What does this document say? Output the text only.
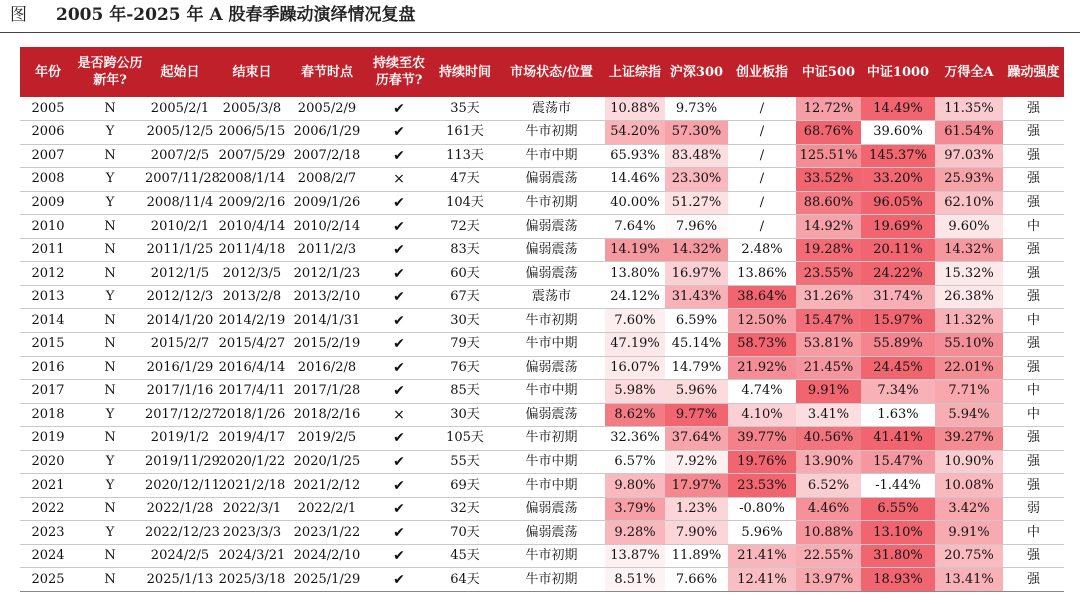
图 2005 年-2025 年 A 股春季躁动演绎情况复盘
年份	是否跨公历新年?	起始日	结束日	春节时点	持续至农历春节?	持续时间	市场状态/位置	上证综指	沪深300	创业板指	中证500	中证1000	万得全A	躁动强度
2005	N	2005/2/1	2005/3/8	2005/2/9	✔	35天	震荡市	10.88%	9.73%	/	12.72%	14.49%	11.35%	强
2006	Y	2005/12/5	2006/5/15	2006/1/29	✔	161天	牛市初期	54.20%	57.30%	/	68.76%	39.60%	61.54%	强
2007	N	2007/2/5	2007/5/29	2007/2/18	✔	113天	牛市中期	65.93%	83.48%	/	125.51%	145.37%	97.03%	强
2008	Y	2007/11/28	2008/1/14	2008/2/7	×	47天	偏弱震荡	14.46%	23.30%	/	33.52%	33.20%	25.93%	强
2009	Y	2008/11/4	2009/2/16	2009/1/26	✔	104天	牛市初期	40.00%	51.27%	/	88.60%	96.05%	62.10%	强
2010	N	2010/2/1	2010/4/14	2010/2/14	✔	72天	偏弱震荡	7.64%	7.96%	/	14.92%	19.69%	9.60%	中
2011	N	2011/1/25	2011/4/18	2011/2/3	✔	83天	偏弱震荡	14.19%	14.32%	2.48%	19.28%	20.11%	14.32%	强
2012	N	2012/1/5	2012/3/5	2012/1/23	✔	60天	偏弱震荡	13.80%	16.97%	13.86%	23.55%	24.22%	15.32%	强
2013	Y	2012/12/3	2013/2/8	2013/2/10	✔	67天	震荡市	24.12%	31.43%	38.64%	31.26%	31.74%	26.38%	强
2014	N	2014/1/20	2014/2/19	2014/1/31	✔	30天	牛市初期	7.60%	6.59%	12.50%	15.47%	15.97%	11.32%	中
2015	N	2015/2/7	2015/4/27	2015/2/19	✔	79天	牛市中期	47.19%	45.14%	58.73%	53.81%	55.89%	55.10%	强
2016	N	2016/1/29	2016/4/14	2016/2/8	✔	76天	偏弱震荡	16.07%	14.79%	21.92%	21.45%	24.45%	22.01%	强
2017	N	2017/1/16	2017/4/11	2017/1/28	✔	85天	牛市中期	5.98%	5.96%	4.74%	9.91%	7.34%	7.71%	中
2018	Y	2017/12/27	2018/1/26	2018/2/16	×	30天	偏弱震荡	8.62%	9.77%	4.10%	3.41%	1.63%	5.94%	中
2019	N	2019/1/2	2019/4/17	2019/2/5	✔	105天	牛市初期	32.36%	37.64%	39.77%	40.56%	41.41%	39.27%	强
2020	Y	2019/11/29	2020/1/22	2020/1/25	✔	55天	牛市中期	6.57%	7.92%	19.76%	13.90%	15.47%	10.90%	强
2021	Y	2020/12/11	2021/2/18	2021/2/12	✔	69天	牛市中期	9.80%	17.97%	23.53%	6.52%	-1.44%	10.08%	强
2022	N	2022/1/28	2022/3/1	2022/2/1	✔	32天	偏弱震荡	3.79%	1.23%	-0.80%	4.46%	6.55%	3.42%	弱
2023	Y	2022/12/23	2023/3/3	2023/1/22	✔	70天	偏弱震荡	9.28%	7.90%	5.96%	10.88%	13.10%	9.91%	中
2024	N	2024/2/5	2024/3/21	2024/2/10	✔	45天	牛市初期	13.87%	11.89%	21.41%	22.55%	31.80%	20.75%	强
2025	N	2025/1/13	2025/3/18	2025/1/29	✔	64天	牛市初期	8.51%	7.66%	12.41%	13.97%	18.93%	13.41%	强
